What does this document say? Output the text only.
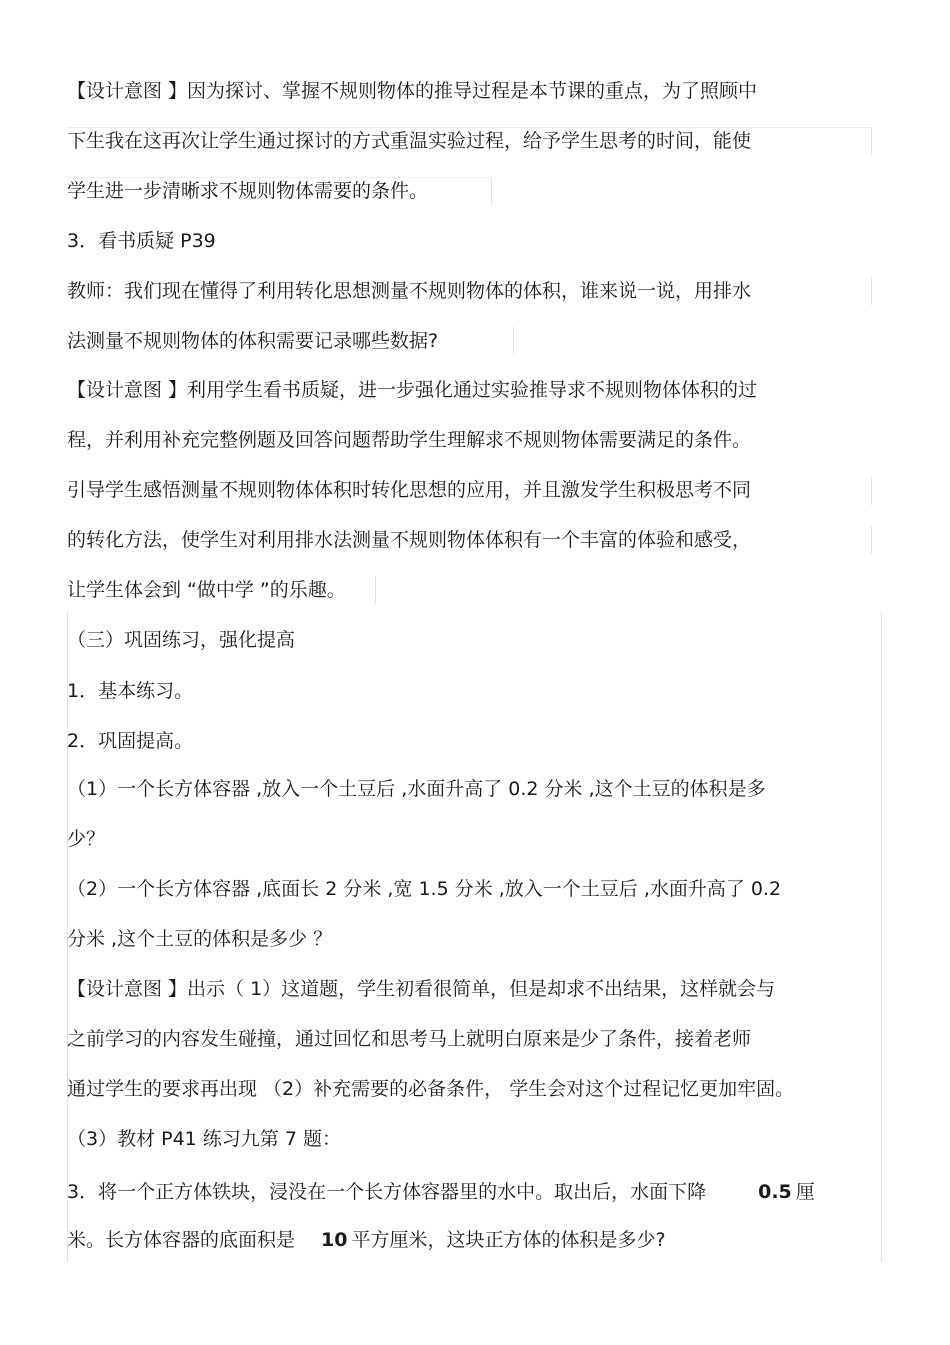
【设计意图 】因为探讨、掌握不规则物体的推导过程是本节课的重点，为了照顾中
下生我在这再次让学生通过探讨的方式重温实验过程，给予学生思考的时间，能使
学生进一步清晰求不规则物体需要的条件。
3．看书质疑 P39
教师：我们现在懂得了利用转化思想测量不规则物体的体积，谁来说一说，用排水
法测量不规则物体的体积需要记录哪些数据?
【设计意图 】利用学生看书质疑，进一步强化通过实验推导求不规则物体体积的过
程，并利用补充完整例题及回答问题帮助学生理解求不规则物体需要满足的条件。
引导学生感悟测量不规则物体体积时转化思想的应用，并且激发学生积极思考不同
的转化方法，使学生对利用排水法测量不规则物体体积有一个丰富的体验和感受，
让学生体会到 “做中学 ”的乐趣。
（三）巩固练习，强化提高
1．基本练习。
2．巩固提高。
（1）一个长方体容器 ,放入一个土豆后 ,水面升高了 0.2 分米 ,这个土豆的体积是多
少？
（2）一个长方体容器 ,底面长 2 分米 ,宽 1.5 分米 ,放入一个土豆后 ,水面升高了 0.2
分米 ,这个土豆的体积是多少 ？
【设计意图 】出示（ 1）这道题，学生初看很简单，但是却求不出结果，这样就会与
之前学习的内容发生碰撞，通过回忆和思考马上就明白原来是少了条件，接着老师
通过学生的要求再出现 （2）补充需要的必备条件， 学生会对这个过程记忆更加牢固。
（3）教材 P41 练习九第 7 题：
3．将一个正方体铁块，浸没在一个长方体容器里的水中。取出后，水面下降	0.5 厘
米。长方体容器的底面积是 10 平方厘米，这块正方体的体积是多少?
